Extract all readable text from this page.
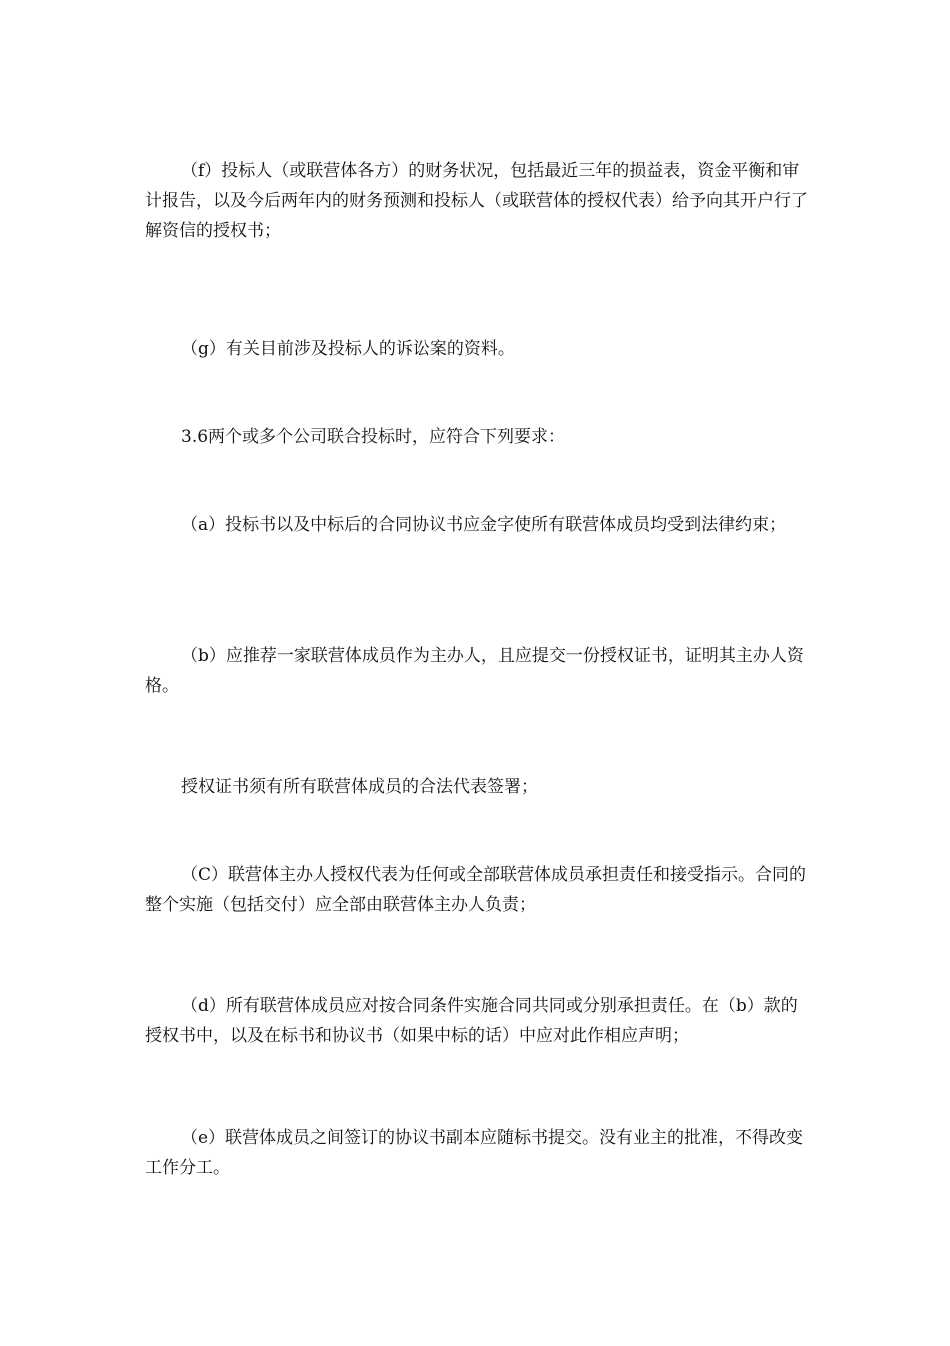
（f）投标人（或联营体各方）的财务状况，包括最近三年的损益表，资金平衡和审计报告，以及今后两年内的财务预测和投标人（或联营体的授权代表）给予向其开户行了解资信的授权书；

（g）有关目前涉及投标人的诉讼案的资料。

3.6两个或多个公司联合投标时，应符合下列要求：

（a）投标书以及中标后的合同协议书应金字使所有联营体成员均受到法律约束；

（b）应推荐一家联营体成员作为主办人，且应提交一份授权证书，证明其主办人资格。

授权证书须有所有联营体成员的合法代表签署；

（C）联营体主办人授权代表为任何或全部联营体成员承担责任和接受指示。合同的整个实施（包括交付）应全部由联营体主办人负责；

（d）所有联营体成员应对按合同条件实施合同共同或分别承担责任。在（b）款的授权书中，以及在标书和协议书（如果中标的话）中应对此作相应声明；

（e）联营体成员之间签订的协议书副本应随标书提交。没有业主的批准，不得改变工作分工。
